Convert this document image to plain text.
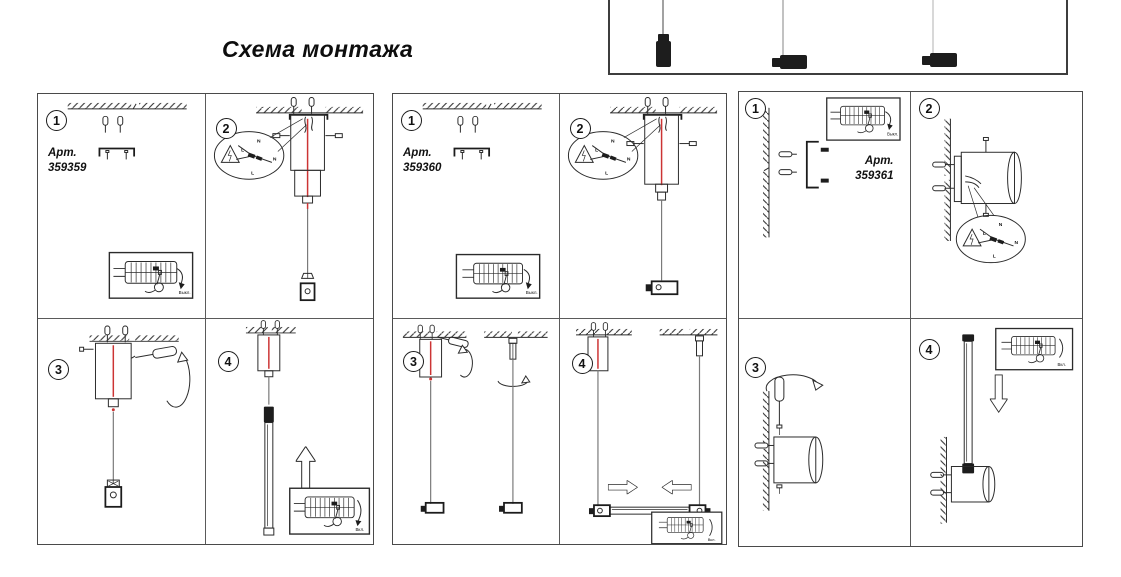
Схема монтажа
1
Арт.
359359
Выкл.
2
3
4
Вкл.
1
Арт.
359360
Выкл.
2
3	4
Вкл.
1
Арт.
359361
Выкл.
2
3
4
Вкл.
